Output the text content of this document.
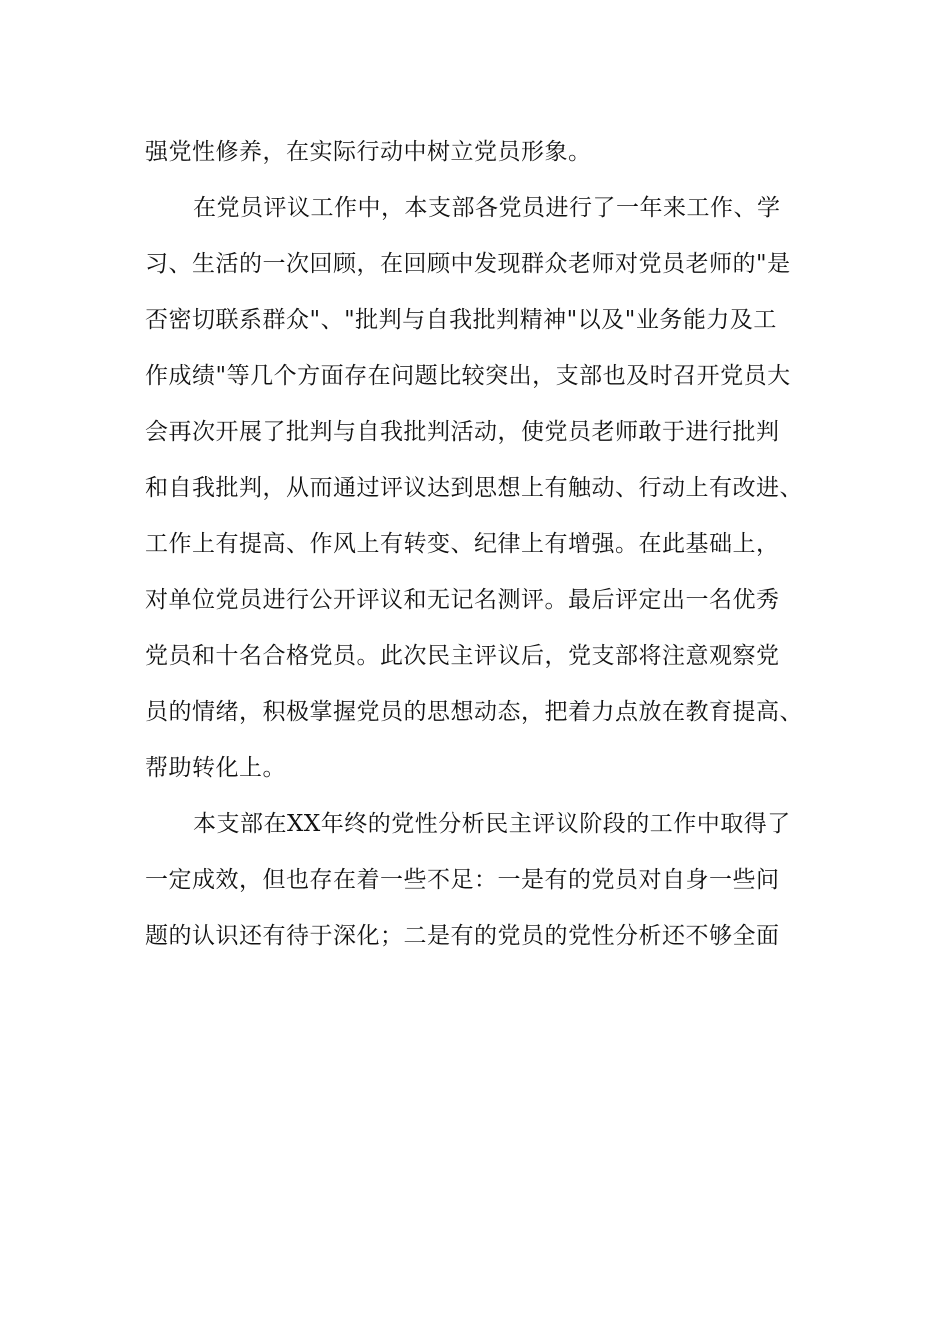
强党性修养，在实际行动中树立党员形象。
在党员评议工作中，本支部各党员进行了一年来工作、学
习、生活的一次回顾，在回顾中发现群众老师对党员老师的"是
否密切联系群众"、"批判与自我批判精神"以及"业务能力及工
作成绩"等几个方面存在问题比较突出，支部也及时召开党员大
会再次开展了批判与自我批判活动，使党员老师敢于进行批判
和自我批判，从而通过评议达到思想上有触动、行动上有改进、
工作上有提高、作风上有转变、纪律上有增强。在此基础上，
对单位党员进行公开评议和无记名测评。最后评定出一名优秀
党员和十名合格党员。此次民主评议后，党支部将注意观察党
员的情绪，积极掌握党员的思想动态，把着力点放在教育提高、
帮助转化上。
本支部在XX年终的党性分析民主评议阶段的工作中取得了
一定成效，但也存在着一些不足：一是有的党员对自身一些问
题的认识还有待于深化；二是有的党员的党性分析还不够全面
